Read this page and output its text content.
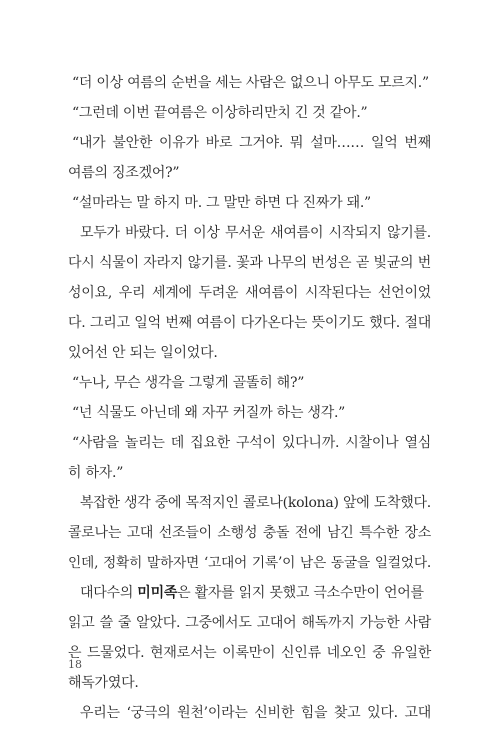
“더 이상 여름의 순번을 세는 사람은 없으니 아무도 모르지.”
“그런데 이번 끝여름은 이상하리만치 긴 것 같아.”
“내가 불안한 이유가 바로 그거야. 뭐 설마…… 일억 번째
여름의 징조겠어?”
“설마라는 말 하지 마. 그 말만 하면 다 진짜가 돼.”
모두가 바랐다. 더 이상 무서운 새여름이 시작되지 않기를.
다시 식물이 자라지 않기를. 꽃과 나무의 번성은 곧 빛균의 번
성이요, 우리 세계에 두려운 새여름이 시작된다는 선언이었
다. 그리고 일억 번째 여름이 다가온다는 뜻이기도 했다. 절대
있어선 안 되는 일이었다.
“누나, 무슨 생각을 그렇게 골똘히 해?”
“넌 식물도 아닌데 왜 자꾸 커질까 하는 생각.”
“사람을 놀리는 데 집요한 구석이 있다니까. 시찰이나 열심
히 하자.”
복잡한 생각 중에 목적지인 콜로나(kolona) 앞에 도착했다.
콜로나는 고대 선조들이 소행성 충돌 전에 남긴 특수한 장소
인데, 정확히 말하자면 ‘고대어 기록’이 남은 동굴을 일컬었다.
대다수의 미미족은 활자를 읽지 못했고 극소수만이 언어를
읽고 쓸 줄 알았다. 그중에서도 고대어 해독까지 가능한 사람
은 드물었다. 현재로서는 이록만이 신인류 네오인 중 유일한
해독가였다.
우리는 ‘궁극의 원천’이라는 신비한 힘을 찾고 있다. 고대
18
